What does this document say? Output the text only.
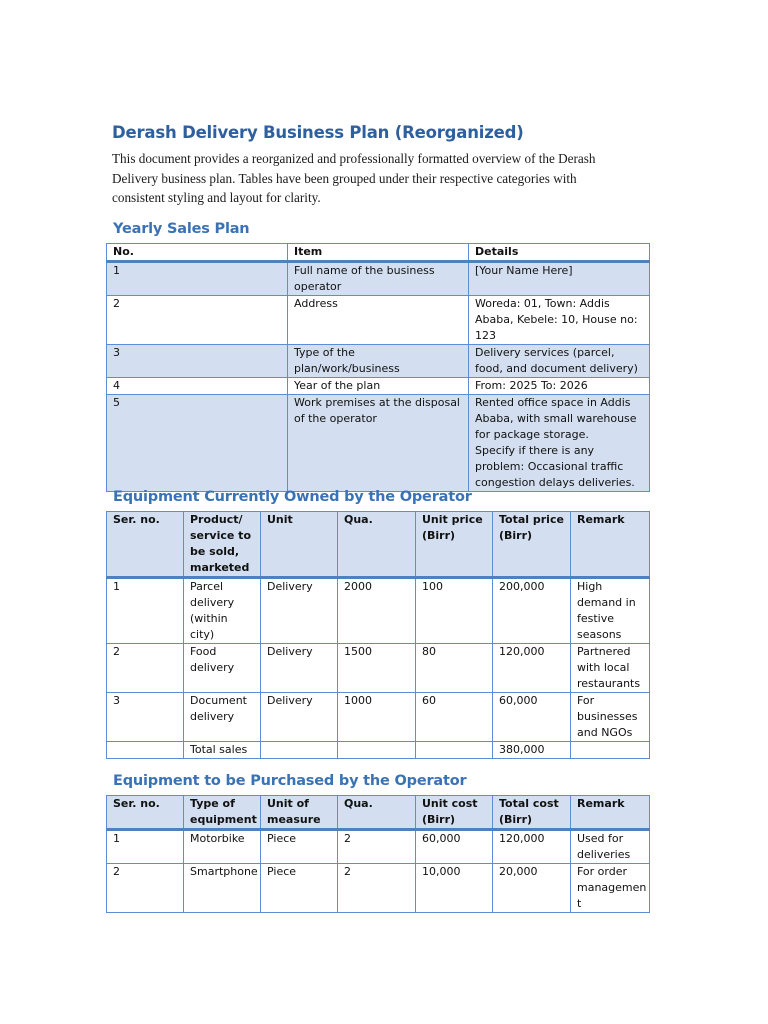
Derash Delivery Business Plan (Reorganized)
This document provides a reorganized and professionally formatted overview of the Derash
Delivery business plan. Tables have been grouped under their respective categories with
consistent styling and layout for clarity.
Yearly Sales Plan
No.	Item	Details
1	Full name of the business operator	[Your Name Here]
2	Address	Woreda: 01, Town: Addis Ababa, Kebele: 10, House no: 123
3	Type of the plan/work/business	Delivery services (parcel, food, and document delivery)
4	Year of the plan	From: 2025 To: 2026
5	Work premises at the disposal of the operator	Rented office space in Addis Ababa, with small warehouse for package storage.
Specify if there is any problem: Occasional traffic congestion delays deliveries.
Equipment Currently Owned by the Operator
Ser. no.	Product/ service to be sold, marketed	Unit	Qua.	Unit price (Birr)	Total price (Birr)	Remark
1	Parcel delivery (within city)	Delivery	2000	100	200,000	High demand in festive seasons
2	Food delivery	Delivery	1500	80	120,000	Partnered with local restaurants
3	Document delivery	Delivery	1000	60	60,000	For businesses and NGOs
	Total sales				380,000	
Equipment to be Purchased by the Operator
Ser. no.	Type of equipment	Unit of measure	Qua.	Unit cost (Birr)	Total cost (Birr)	Remark
1	Motorbike	Piece	2	60,000	120,000	Used for deliveries
2	Smartphone	Piece	2	10,000	20,000	For order managemen t
